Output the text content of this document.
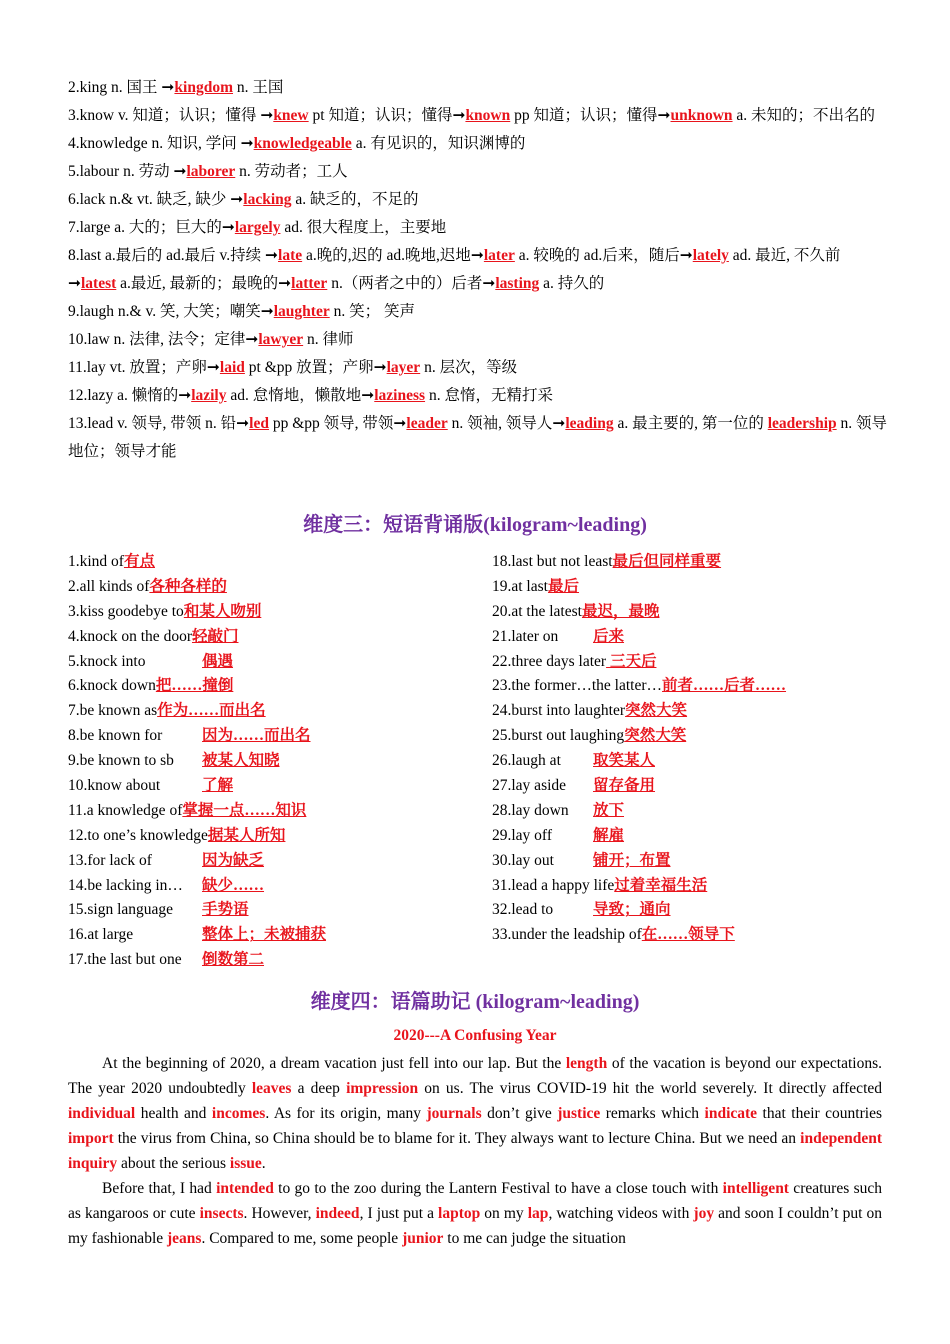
2.king n. 国王 ➞kingdom n. 王国
3.know v. 知道；认识；懂得 ➞knew pt 知道；认识；懂得➞known pp 知道；认识；懂得➞unknown a. 未知的；不出名的
4.knowledge n. 知识, 学问 ➞knowledgeable a. 有见识的，知识渊博的
5.labour n. 劳动 ➞laborer n. 劳动者；工人
6.lack n.& vt. 缺乏, 缺少 ➞lacking a. 缺乏的，不足的
7.large a. 大的；巨大的➞largely ad. 很大程度上，主要地
8.last a.最后的 ad.最后 v.持续 ➞late a.晚的,迟的 ad.晚地,迟地➞later a. 较晚的 ad.后来，随后➞lately ad. 最近, 不久前➞latest a.最近, 最新的；最晚的➞latter n.（两者之中的）后者➞lasting a. 持久的
9.laugh n.& v. 笑, 大笑；嘲笑➞laughter n. 笑； 笑声
10.law n. 法律, 法令；定律➞lawyer n. 律师
11.lay vt. 放置；产卵➞laid pt &pp 放置；产卵➞layer n. 层次，等级
12.lazy a. 懒惰的➞lazily ad. 怠惰地，懒散地➞laziness n. 怠惰，无精打采
13.lead v. 领导, 带领 n. 铅➞led pp &pp 领导, 带领➞leader n. 领袖, 领导人➞leading a. 最主要的, 第一位的 leadership n. 领导地位；领导才能
维度三：短语背诵版(kilogram~leading)
1.kind of有点
2.all kinds of各种各样的
3.kiss goodebye to和某人吻别
4.knock on the door轻敲门
5.knock into	偶遇
6.knock down把……撞倒
7.be known as作为……而出名
8.be known for	因为……而出名
9.be known to sb 被某人知晓
10.know about	了解
11.a knowledge of掌握一点……知识
12.to one’s knowledge据某人所知
13.for lack of	因为缺乏
14.be lacking in… 缺少……
15.sign language 手势语
16.at large	整体上；未被捕获
17.the last but one 倒数第二
18.last but not least最后但同样重要
19.at last最后
20.at the latest最迟，最晚
21.later on 后来
22.three days later 三天后
23.the former…the latter…前者……后者……
24.burst into laughter突然大笑
25.burst out laughing突然大笑
26.laugh at 取笑某人
27.lay aside 留存备用
28.lay down 放下
29.lay off	解雇
30.lay out	铺开；布置
31.lead a happy life过着幸福生活
32.lead to	导致；通向
33.under the leadship of在……领导下
维度四：语篇助记 (kilogram~leading)
2020---A Confusing Year

At the beginning of 2020, a dream vacation just fell into our lap. But the length of the vacation is beyond our expectations. The year 2020 undoubtedly leaves a deep impression on us. The virus COVID-19 hit the world severely. It directly affected individual health and incomes. As for its origin, many journals don’t give justice remarks which indicate that their countries import the virus from China, so China should be to blame for it. They always want to lecture China. But we need an independent inquiry about the serious issue.

Before that, I had intended to go to the zoo during the Lantern Festival to have a close touch with intelligent creatures such as kangaroos or cute insects. However, indeed, I just put a laptop on my lap, watching videos with joy and soon I couldn’t put on my fashionable jeans. Compared to me, some people junior to me can judge the situation
